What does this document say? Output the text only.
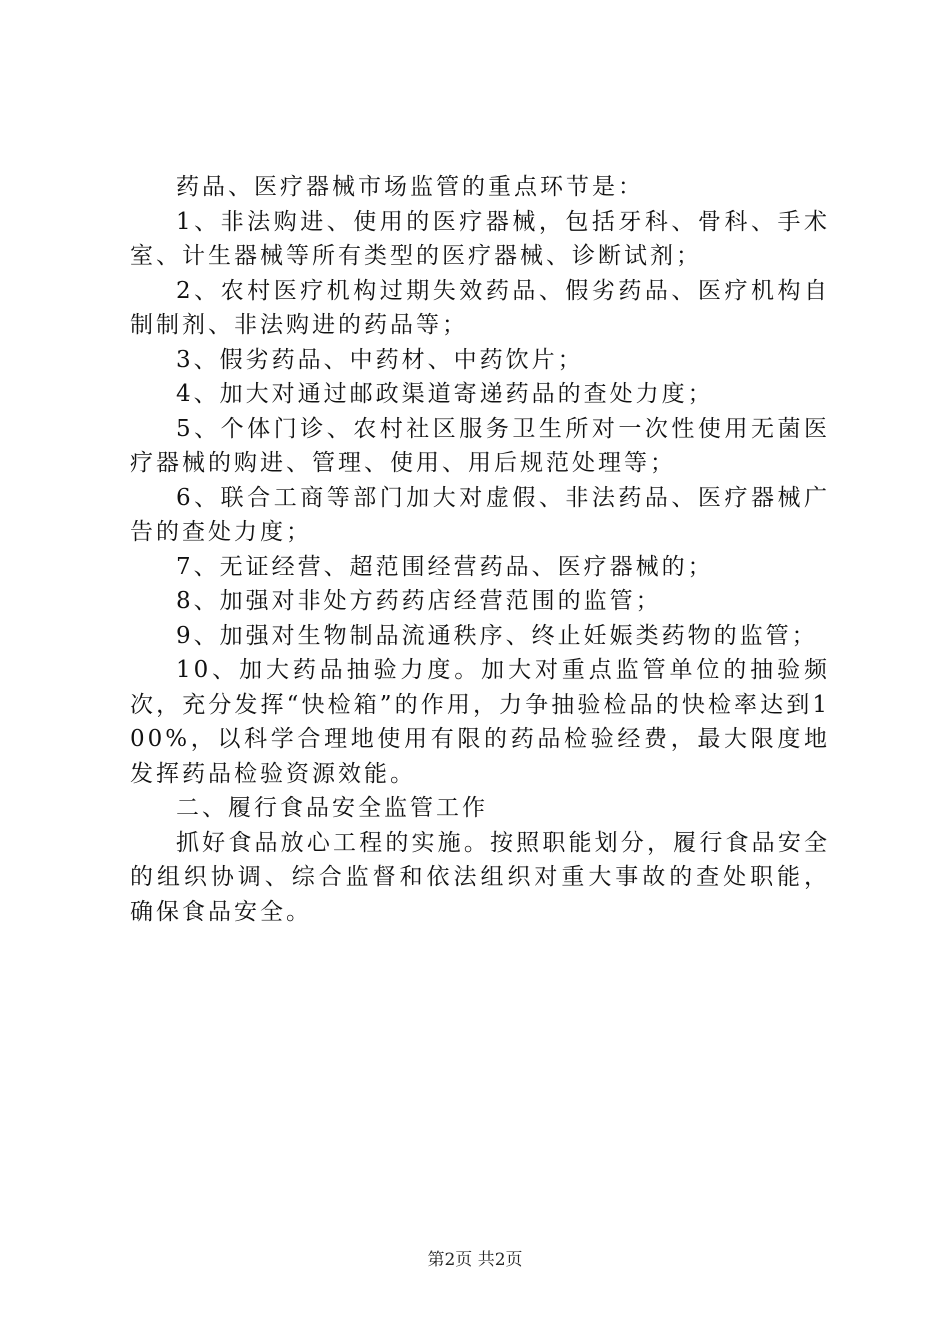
药品、医疗器械市场监管的重点环节是：

1、非法购进、使用的医疗器械，包括牙科、骨科、手术室、计生器械等所有类型的医疗器械、诊断试剂；

2、农村医疗机构过期失效药品、假劣药品、医疗机构自制制剂、非法购进的药品等；

3、假劣药品、中药材、中药饮片；

4、加大对通过邮政渠道寄递药品的查处力度；

5、个体门诊、农村社区服务卫生所对一次性使用无菌医疗器械的购进、管理、使用、用后规范处理等；

6、联合工商等部门加大对虚假、非法药品、医疗器械广告的查处力度；

7、无证经营、超范围经营药品、医疗器械的；

8、加强对非处方药药店经营范围的监管；

9、加强对生物制品流通秩序、终止妊娠类药物的监管；

10、加大药品抽验力度。加大对重点监管单位的抽验频次，充分发挥“快检箱”的作用，力争抽验检品的快检率达到100%，以科学合理地使用有限的药品检验经费，最大限度地发挥药品检验资源效能。

二、履行食品安全监管工作

抓好食品放心工程的实施。按照职能划分，履行食品安全的组织协调、综合监督和依法组织对重大事故的查处职能，确保食品安全。

第2页 共2页
